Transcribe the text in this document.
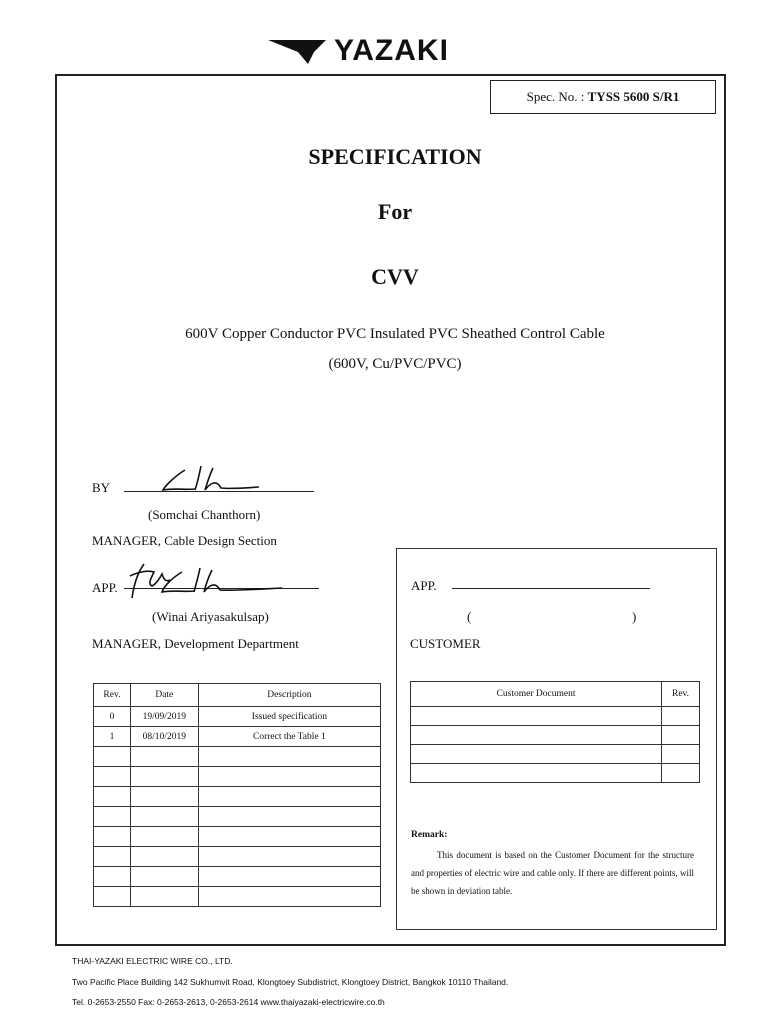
YAZAKI
Spec. No. : TYSS 5600 S/R1
SPECIFICATION
For
CVV
600V Copper Conductor PVC Insulated PVC Sheathed Control Cable
(600V, Cu/PVC/PVC)
BY
(Somchai Chanthorn)
MANAGER, Cable Design Section
APP.
(Winai Ariyasakulsap)
MANAGER, Development Department
APP.
(	)
CUSTOMER
Rev.	Date	Description
0	19/09/2019	Issued specification
1	08/10/2019	Correct the Table 1

Customer Document	Rev.

Remark:
This document is based on the Customer Document for the structure and properties of electric wire and cable only. If there are different points, will be shown in deviation table.
THAI-YAZAKI ELECTRIC WIRE CO., LTD.
Two Pacific Place Building 142 Sukhumvit Road, Klongtoey Subdistrict, Klongtoey District, Bangkok 10110 Thailand.
Tel. 0-2653-2550 Fax: 0-2653-2613, 0-2653-2614 www.thaiyazaki-electricwire.co.th
